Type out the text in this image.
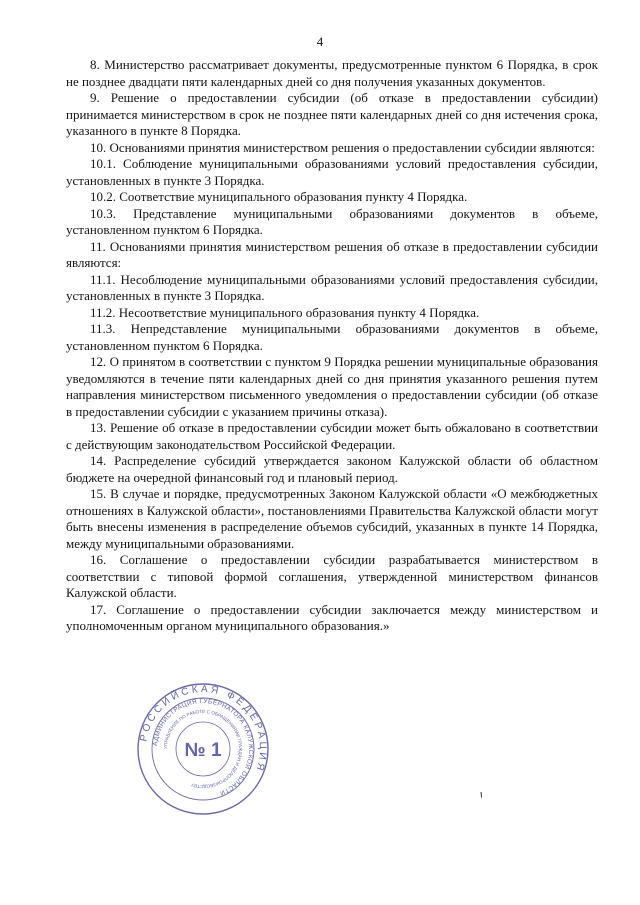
4

8. Министерство рассматривает документы, предусмотренные пунктом 6 Порядка, в срок не позднее двадцати пяти календарных дней со дня получения указанных документов.

9. Решение о предоставлении субсидии (об отказе в предоставлении субсидии) принимается министерством в срок не позднее пяти календарных дней со дня истечения срока, указанного в пункте 8 Порядка.

10. Основаниями принятия министерством решения о предоставлении субсидии являются:

10.1. Соблюдение муниципальными образованиями условий предоставления субсидии, установленных в пункте 3 Порядка.

10.2. Соответствие муниципального образования пункту 4 Порядка.

10.3. Представление муниципальными образованиями документов в объеме, установленном пунктом 6 Порядка.

11. Основаниями принятия министерством решения об отказе в предоставлении субсидии являются:

11.1. Несоблюдение муниципальными образованиями условий предоставления субсидии, установленных в пункте 3 Порядка.

11.2. Несоответствие муниципального образования пункту 4 Порядка.

11.3. Непредставление муниципальными образованиями документов в объеме, установленном пунктом 6 Порядка.

12. О принятом в соответствии с пунктом 9 Порядка решении муниципальные образования уведомляются в течение пяти календарных дней со дня принятия указанного решения путем направления министерством письменного уведомления о предоставлении субсидии (об отказе в предоставлении субсидии с указанием причины отказа).

13. Решение об отказе в предоставлении субсидии может быть обжаловано в соответствии с действующим законодательством Российской Федерации.

14. Распределение субсидий утверждается законом Калужской области об областном бюджете на очередной финансовый год и плановый период.

15. В случае и порядке, предусмотренных Законом Калужской области «О межбюджетных отношениях в Калужской области», постановлениями Правительства Калужской области могут быть внесены изменения в распределение объемов субсидий, указанных в пункте 14 Порядка, между муниципальными образованиями.

16. Соглашение о предоставлении субсидии разрабатывается министерством в соответствии с типовой формой соглашения, утвержденной министерством финансов Калужской области.

17. Соглашение о предоставлении субсидии заключается между министерством и уполномоченным органом муниципального образования.»

РОССИЙСКАЯ ФЕДЕРАЦИЯ
АДМИНИСТРАЦИЯ ГУБЕРНАТОРА КАЛУЖСКОЙ ОБЛАСТИ
УПРАВЛЕНИЕ ПО РАБОТЕ С ОБРАЩЕНИЯМИ ГРАЖДАН И ДЕЛОПРОИЗВОДСТВУ
№ 1
